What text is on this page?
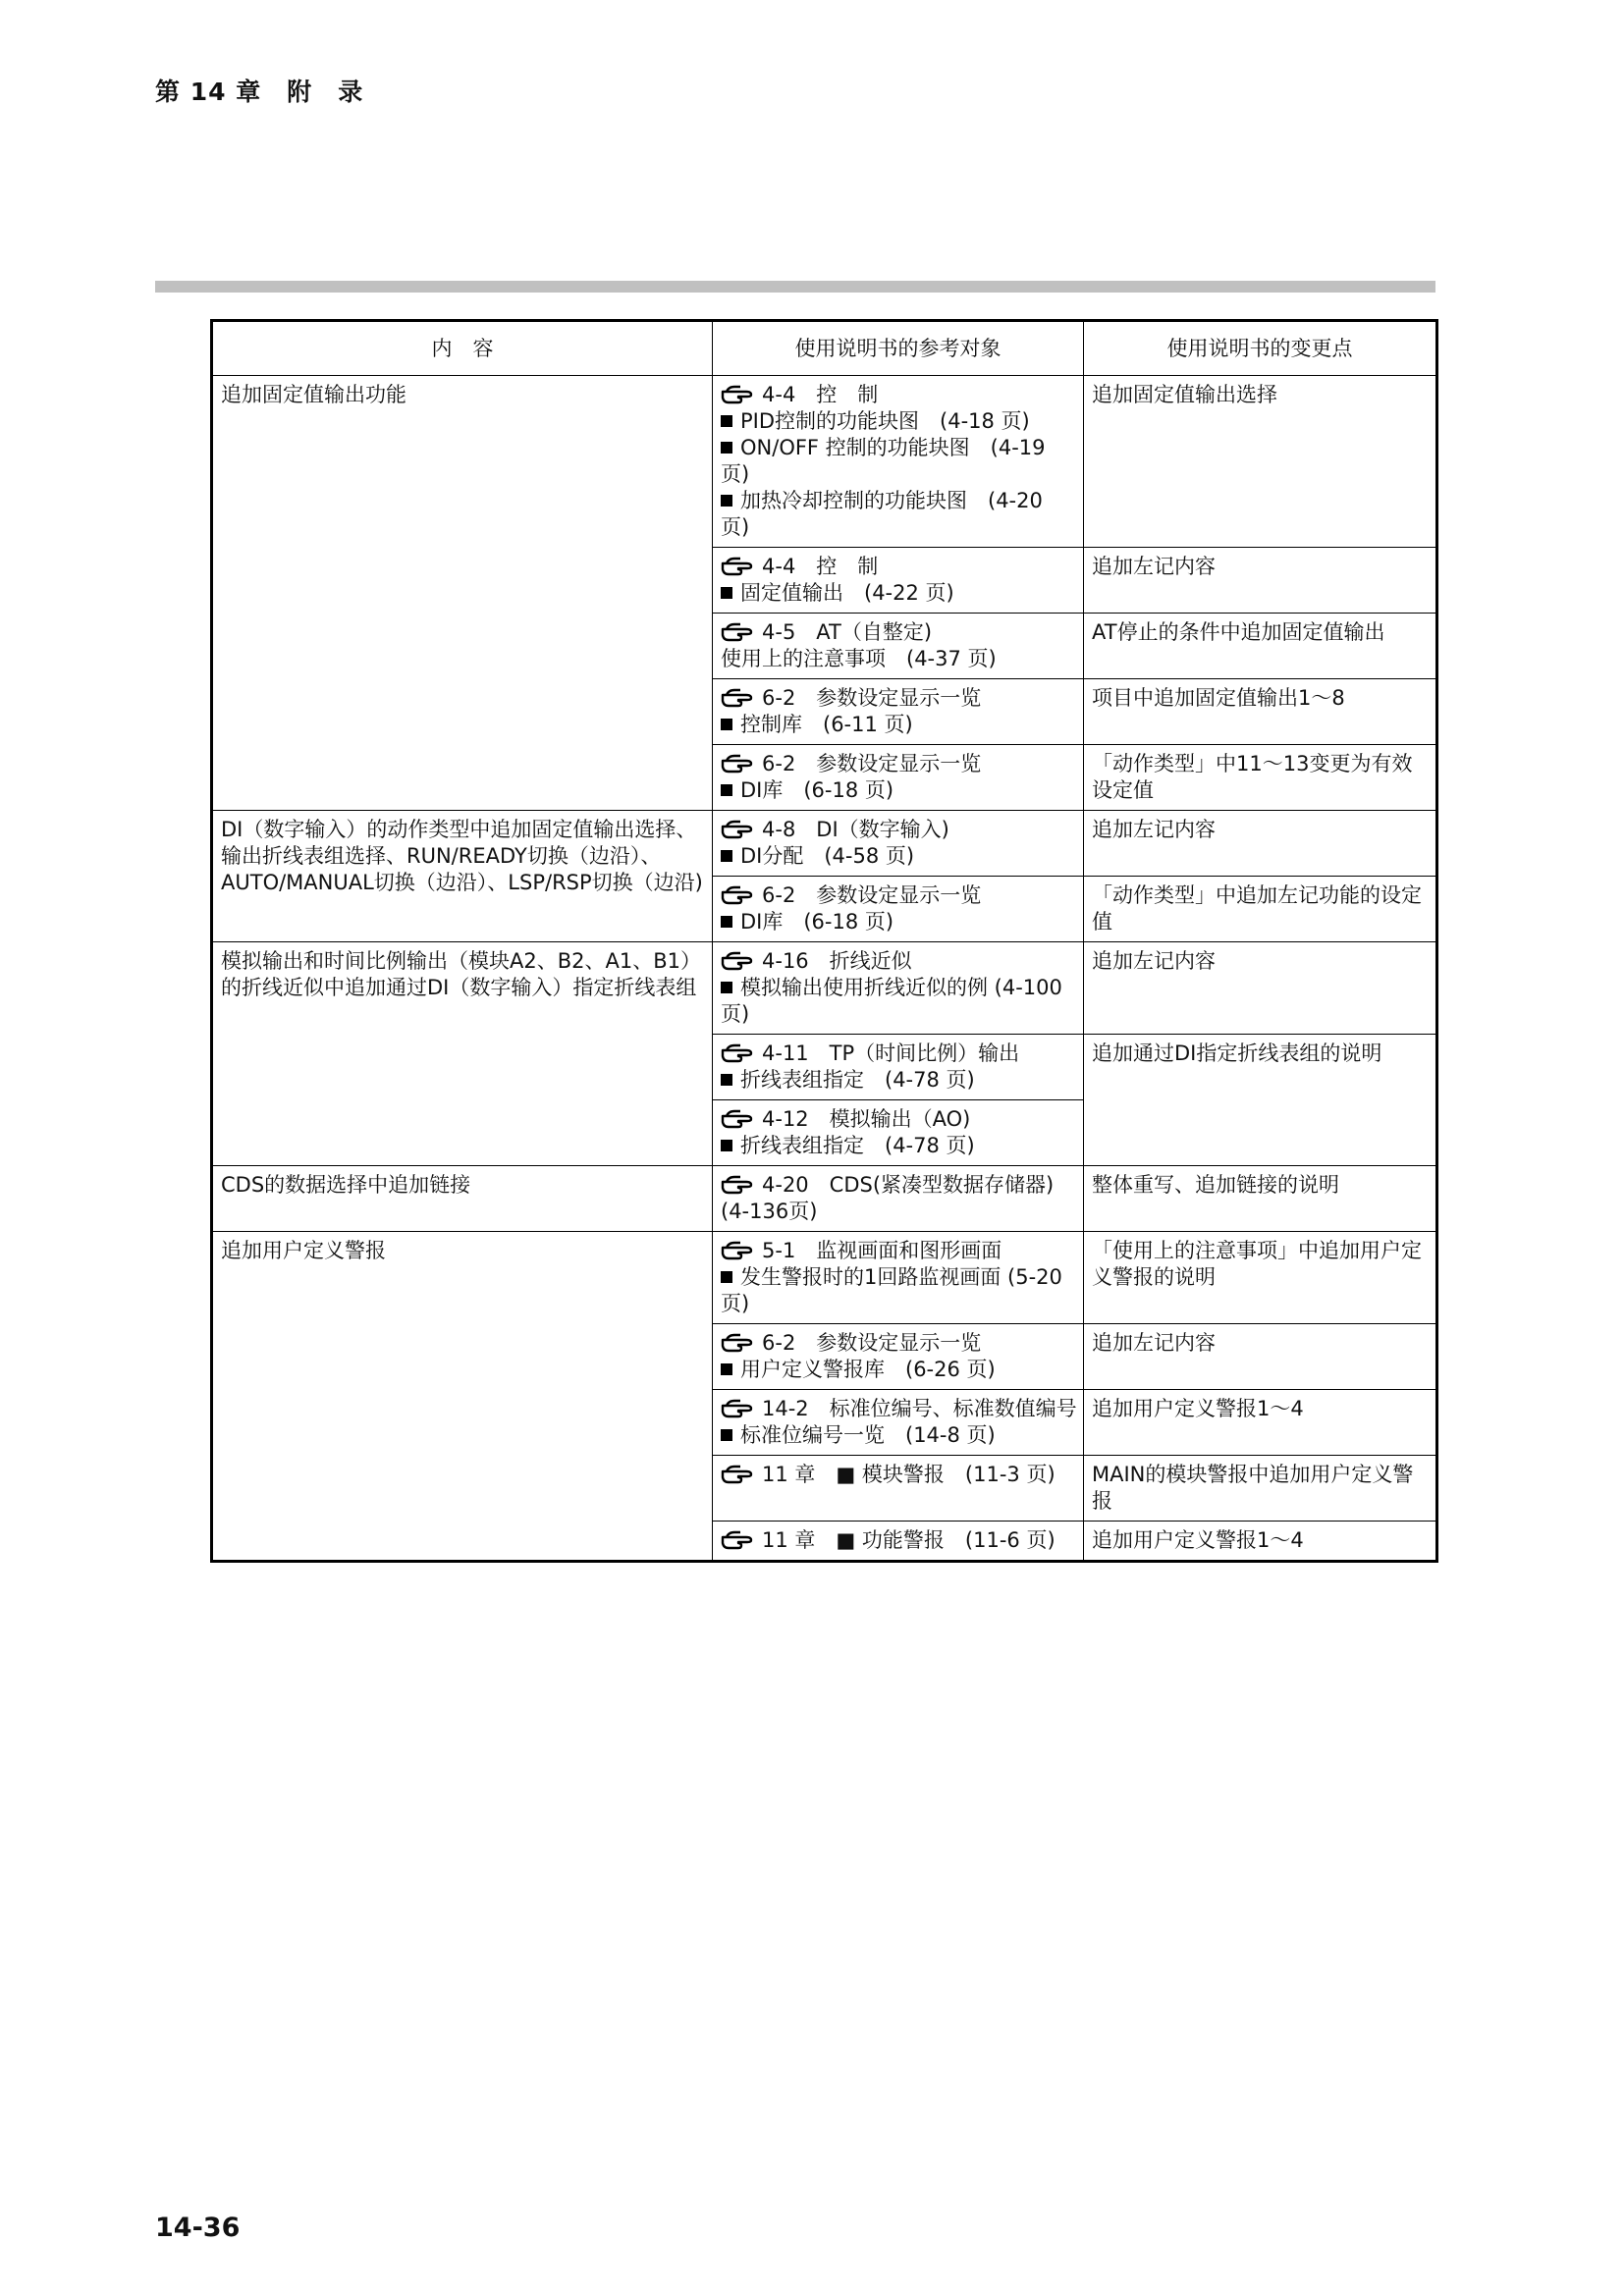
第 14 章　附　录
内　容	使用说明书的参考对象	使用说明书的变更点
追加固定值输出功能	4-4　控　制
PID控制的功能块图　(4-18 页)
ON/OFF 控制的功能块图　(4-19 页)
加热冷却控制的功能块图　(4-20 页)	追加固定值输出选择

	4-4　控　制
固定值输出　(4-22 页)	追加左记内容

	4-5　AT（自整定)
使用上的注意事项　(4-37 页)	AT停止的条件中追加固定值输出

	6-2　参数设定显示一览
控制库　(6-11 页)	项目中追加固定值输出1～8

	6-2　参数设定显示一览
DI库　(6-18 页)	「动作类型」中11～13变更为有效设定值
DI（数字输入）的动作类型中追加固定值输出选择、输出折线表组选择、RUN/READY切换（边沿）、AUTO/MANUAL切换（边沿）、LSP/RSP切换（边沿)	4-8　DI（数字输入)
DI分配　(4-58 页)	追加左记内容

	6-2　参数设定显示一览
DI库　(6-18 页)	「动作类型」中追加左记功能的设定值
模拟输出和时间比例输出（模块A2、B2、A1、B1）的折线近似中追加通过DI（数字输入）指定折线表组	4-16　折线近似
模拟输出使用折线近似的例 (4-100 页)	追加左记内容

	4-11　TP（时间比例）输出
折线表组指定　(4-78 页)	追加通过DI指定折线表组的说明

	4-12　模拟输出（AO)
折线表组指定　(4-78 页)	

CDS的数据选择中追加链接	4-20　CDS(紧凑型数据存储器)
(4-136页)	整体重写、追加链接的说明
追加用户定义警报	5-1　监视画面和图形画面
发生警报时的1回路监视画面 (5-20 页)	「使用上的注意事项」中追加用户定义警报的说明

	6-2　参数设定显示一览
用户定义警报库　(6-26 页)	追加左记内容

	14-2　标准位编号、标准数值编号
标准位编号一览　(14-8 页)	追加用户定义警报1～4

	11 章　■ 模块警报　(11-3 页)	MAIN的模块警报中追加用户定义警报

	11 章　■ 功能警报　(11-6 页)	追加用户定义警报1～4
14-36
